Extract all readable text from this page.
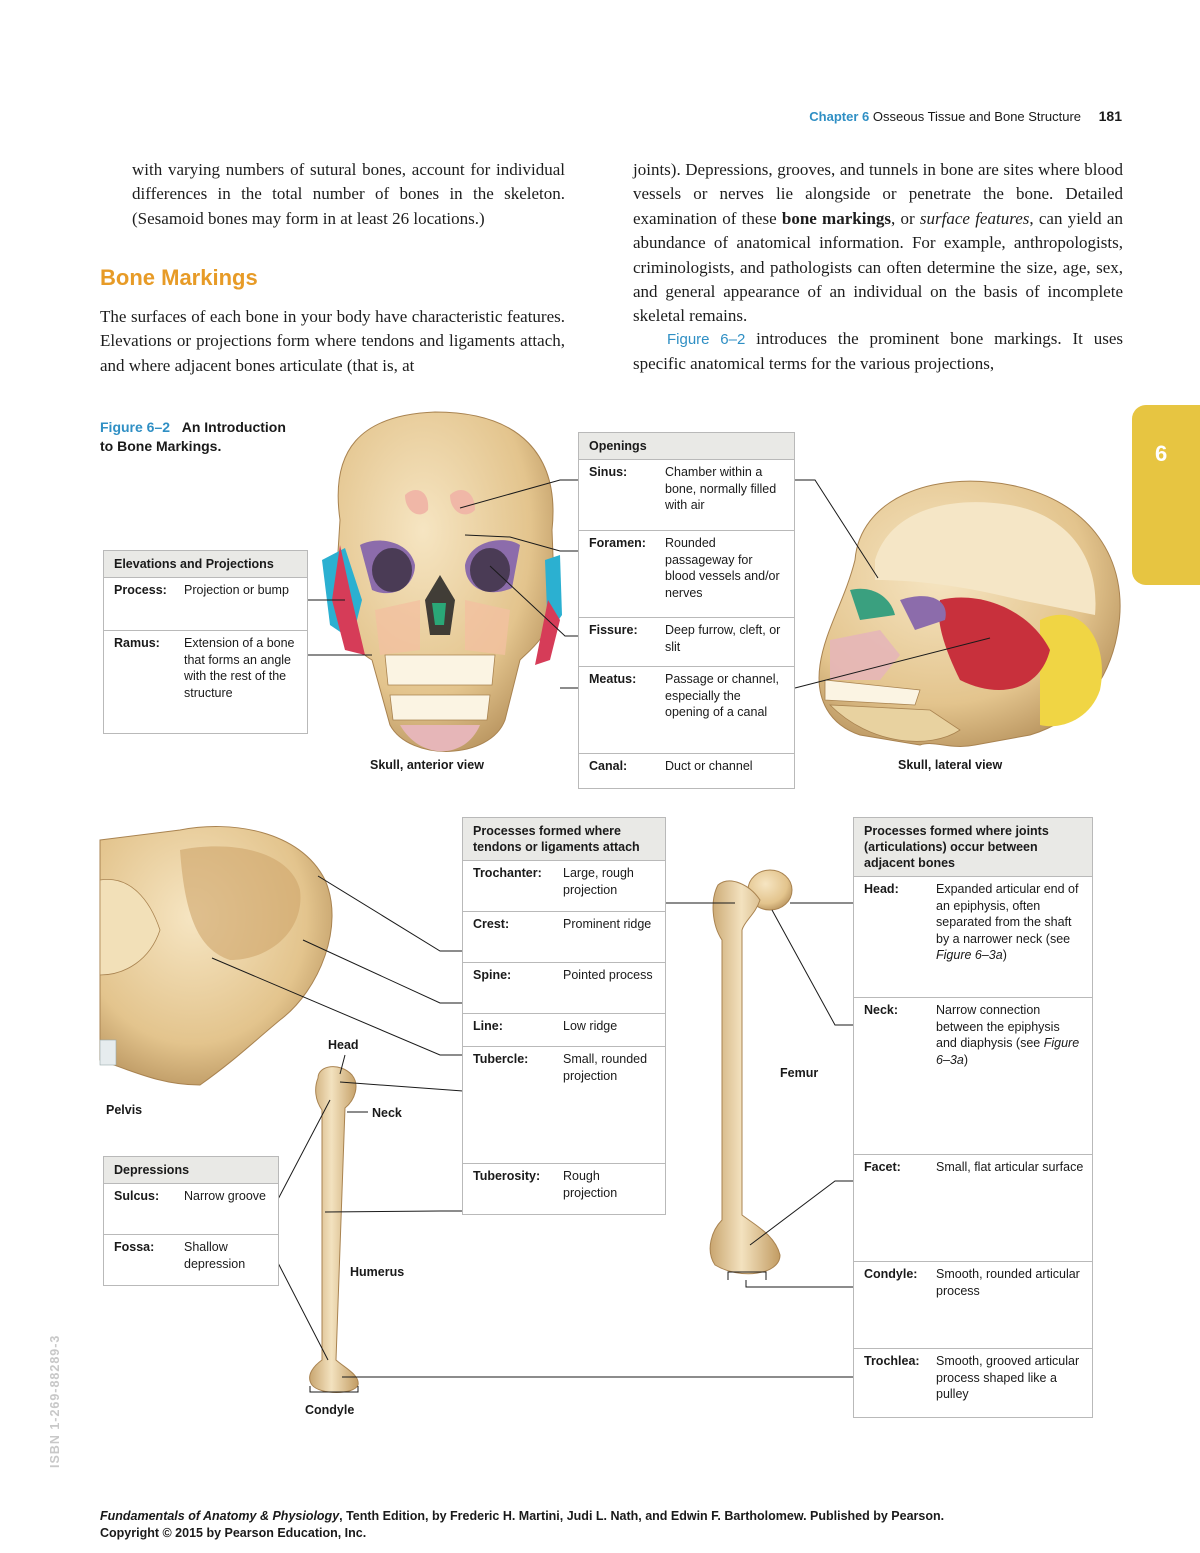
Chapter 6 Osseous Tissue and Bone Structure 181
6
with varying numbers of sutural bones, account for individual differences in the total number of bones in the skeleton. (Sesamoid bones may form in at least 26 locations.)
Bone Markings
The surfaces of each bone in your body have characteristic features. Elevations or projections form where tendons and ligaments attach, and where adjacent bones articulate (that is, at
joints). Depressions, grooves, and tunnels in bone are sites where blood vessels or nerves lie alongside or penetrate the bone. Detailed examination of these bone markings, or surface features, can yield an abundance of anatomical information. For example, anthropologists, criminologists, and pathologists can often determine the size, age, sex, and general appearance of an individual on the basis of incomplete skeletal remains.
Figure 6–2 introduces the prominent bone markings. It uses specific anatomical terms for the various projections,
Figure 6–2 An Introduction
to Bone Markings.
Elevations and Projections
Process:	Projection or bump
Ramus:	Extension of a bone that forms an angle with the rest of the structure
Openings
Sinus:	Chamber within a bone, normally filled with air
Foramen:	Rounded passageway for blood vessels and/or nerves
Fissure:	Deep furrow, cleft, or slit
Meatus:	Passage or channel, especially the opening of a canal
Canal:	Duct or channel
Processes formed where tendons or ligaments attach
Trochanter:	Large, rough projection
Crest:	Prominent ridge
Spine:	Pointed process
Line:	Low ridge
Tubercle:	Small, rounded projection
Tuberosity:	Rough projection
Processes formed where joints (articulations) occur between adjacent bones
Head:	Expanded articular end of an epiphysis, often separated from the shaft by a narrower neck (see Figure 6–3a)
Neck:	Narrow connection between the epiphysis and diaphysis (see Figure 6–3a)
Facet:	Small, flat articular surface
Condyle:	Smooth, rounded articular process
Trochlea:	Smooth, grooved articular process shaped like a pulley
Depressions
Sulcus:	Narrow groove
Fossa:	Shallow depression
Skull, anterior view	Skull, lateral view
Pelvis
Head
Neck
Humerus
Condyle
Femur
ISBN 1-269-88289-3
Fundamentals of Anatomy & Physiology, Tenth Edition, by Frederic H. Martini, Judi L. Nath, and Edwin F. Bartholomew. Published by Pearson.
Copyright © 2015 by Pearson Education, Inc.
